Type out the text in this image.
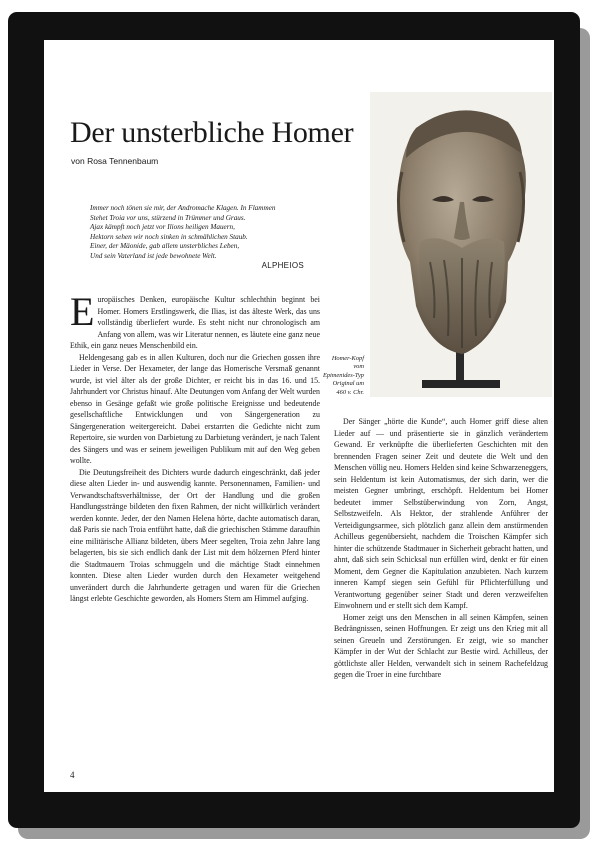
Der unsterbliche Homer

von Rosa Tennenbaum

Immer noch tönen sie mir, der Andromache Klagen. In Flammen
Stehet Troia vor uns, stürzend in Trümmer und Graus.
Ajax kämpft noch jetzt vor Ilions heiligen Mauern,
Hektorn sehen wir noch sinken in schmählichen Staub.
Einer, der Mäonide, gab allem unsterbliches Leben,
Und sein Vaterland ist jede bewohnete Welt.
ALPHEIOS
Homer-Kopf
vom
Epimenides-Typ
Original um
460 v. Chr.

Europäisches Denken, europäische Kultur schlechthin beginnt bei Homer. Homers Erstlingswerk, die Ilias, ist das älteste Werk, das uns vollständig überliefert wurde. Es steht nicht nur chronologisch am Anfang von allem, was wir Literatur nennen, es läutete eine ganz neue Ethik, ein ganz neues Menschenbild ein.

Heldengesang gab es in allen Kulturen, doch nur die Griechen gossen ihre Lieder in Verse. Der Hexameter, der lange das Homerische Versmaß genannt wurde, ist viel älter als der große Dichter, er reicht bis in das 16. und 15. Jahrhundert vor Christus hinauf. Alte Deutungen vom Anfang der Welt wurden ebenso in Gesänge gefaßt wie große politische Ereignisse und bedeutende gesellschaftliche Entwicklungen und von Sängergeneration zu Sängergeneration weitergereicht. Dabei erstarrten die Gedichte nicht zum Repertoire, sie wurden von Darbietung zu Darbietung verändert, je nach Talent des Sängers und was er seinem jeweiligen Publikum mit auf den Weg geben wollte.

Die Deutungsfreiheit des Dichters wurde dadurch eingeschränkt, daß jeder diese alten Lieder in- und auswendig kannte. Personennamen, Familien- und Verwandtschaftsverhältnisse, der Ort der Handlung und die großen Handlungsstränge bildeten den fixen Rahmen, der nicht willkürlich verändert werden konnte. Jeder, der den Namen Helena hörte, dachte automatisch daran, daß Paris sie nach Troia entführt hatte, daß die griechischen Stämme daraufhin eine militärische Allianz bildeten, übers Meer segelten, Troia zehn Jahre lang belagerten, bis sie sich endlich dank der List mit dem hölzernen Pferd hinter die Stadtmauern Troias schmuggeln und die mächtige Stadt einnehmen konnten. Diese alten Lieder wurden durch den Hexameter weitgehend unverändert durch die Jahrhunderte getragen und waren für die Griechen längst erlebte Geschichte geworden, als Homers Stern am Himmel aufging.

Der Sänger „hörte die Kunde“, auch Homer griff diese alten Lieder auf — und präsentierte sie in gänzlich verändertem Gewand. Er verknüpfte die überlieferten Geschichten mit den brennenden Fragen seiner Zeit und deutete die Welt und den Menschen völlig neu. Homers Helden sind keine Schwarzeneggers, sein Heldentum ist kein Automatismus, der sich darin, wer die meisten Gegner umbringt, erschöpft. Heldentum bei Homer bedeutet immer Selbstüberwindung von Zorn, Angst, Selbstzweifeln. Als Hektor, der strahlende Anführer der Verteidigungsarmee, sich plötzlich ganz allein dem anstürmenden Achilleus gegenübersieht, nachdem die Troischen Kämpfer sich hinter die schützende Stadtmauer in Sicherheit gebracht hatten, und ahnt, daß sich sein Schicksal nun erfüllen wird, denkt er für einen Moment, dem Gegner die Kapitulation anzubieten. Nach kurzem inneren Kampf siegen sein Gefühl für Pflichterfüllung und Verantwortung gegenüber seiner Stadt und deren verzweifelten Einwohnern und er stellt sich dem Kampf.

Homer zeigt uns den Menschen in all seinen Kämpfen, seinen Bedrängnissen, seinen Hoffnungen. Er zeigt uns den Krieg mit all seinen Greueln und Zerstörungen. Er zeigt, wie so mancher Kämpfer in der Wut der Schlacht zur Bestie wird. Achilleus, der göttlichste aller Helden, verwandelt sich in seinem Rachefeldzug gegen die Troer in eine furchtbare

4
